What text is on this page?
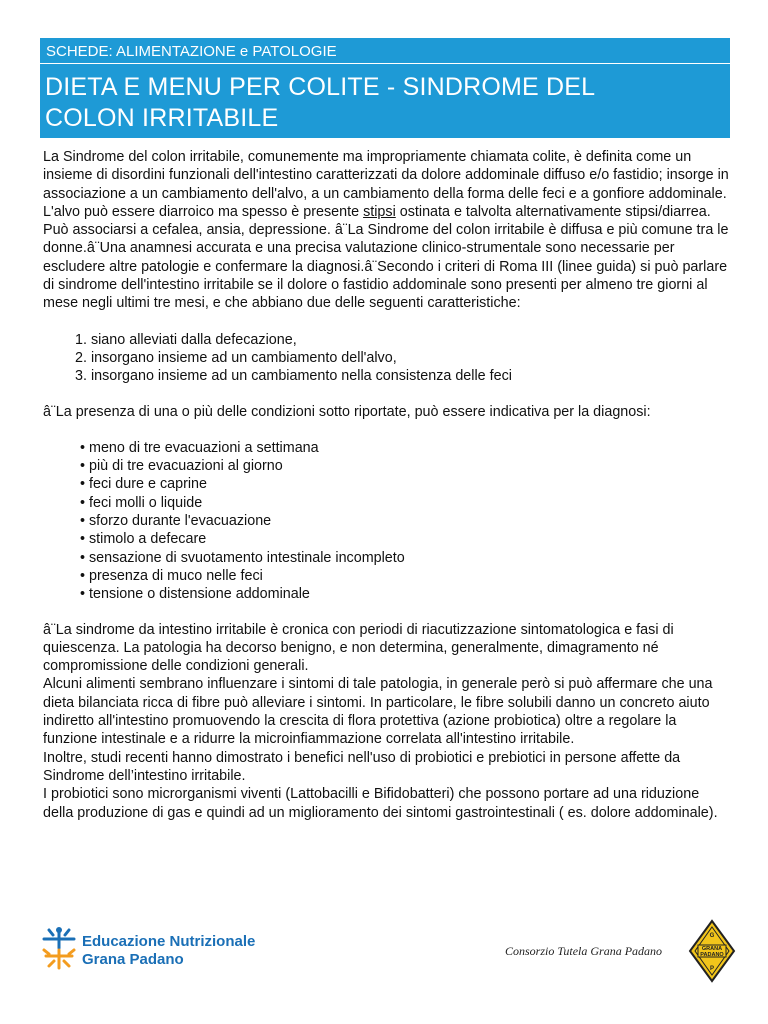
SCHEDE: ALIMENTAZIONE e PATOLOGIE
DIETA E MENU PER COLITE - SINDROME DEL
COLON IRRITABILE

La Sindrome del colon irritabile, comunemente ma impropriamente chiamata colite, è definita come un insieme di disordini funzionali dell'intestino caratterizzati da dolore addominale diffuso e/o fastidio; insorge in associazione a un cambiamento dell'alvo, a un cambiamento della forma delle feci e a gonfiore addominale. L'alvo può essere diarroico ma spesso è presente stipsi ostinata e talvolta alternativamente stipsi/diarrea. Può associarsi a cefalea, ansia, depressione. â¨La Sindrome del colon irritabile è diffusa e più comune tra le donne.â¨Una anamnesi accurata e una precisa valutazione clinico-strumentale sono necessarie per escludere altre patologie e confermare la diagnosi.â¨Secondo i criteri di Roma III (linee guida) si può parlare di sindrome dell'intestino irritabile se il dolore o fastidio addominale sono presenti per almeno tre giorni al mese negli ultimi tre mesi, e che abbiano due delle seguenti caratteristiche:

1. siano alleviati dalla defecazione,
2. insorgano insieme ad un cambiamento dell'alvo,
3. insorgano insieme ad un cambiamento nella consistenza delle feci

â¨La presenza di una o più delle condizioni sotto riportate, può essere indicativa per la diagnosi:

• meno di tre evacuazioni a settimana
• più di tre evacuazioni al giorno
• feci dure e caprine
• feci molli o liquide
• sforzo durante l'evacuazione
• stimolo a defecare
• sensazione di svuotamento intestinale incompleto
• presenza di muco nelle feci
• tensione o distensione addominale

â¨La sindrome da intestino irritabile è cronica con periodi di riacutizzazione sintomatologica e fasi di quiescenza. La patologia ha decorso benigno, e non determina, generalmente, dimagramento né compromissione delle condizioni generali.

Alcuni alimenti sembrano influenzare i sintomi di tale patologia, in generale però si può affermare che una dieta bilanciata ricca di fibre può alleviare i sintomi. In particolare, le fibre solubili danno un concreto aiuto indiretto all'intestino promuovendo la crescita di flora protettiva (azione probiotica) oltre a regolare la funzione intestinale e a ridurre la microinfiammazione correlata all'intestino irritabile.

Inoltre, studi recenti hanno dimostrato i benefici nell'uso di probiotici e prebiotici in persone affette da Sindrome dell’intestino irritabile.

I probiotici sono microrganismi viventi (Lattobacilli e Bifidobatteri) che possono portare ad una riduzione della produzione di gas e quindi ad un miglioramento dei sintomi gastrointestinali ( es. dolore addominale).

Educazione Nutrizionale
Grana Padano	Consorzio Tutela Grana Padano
G
GRANA
PADANO
P
